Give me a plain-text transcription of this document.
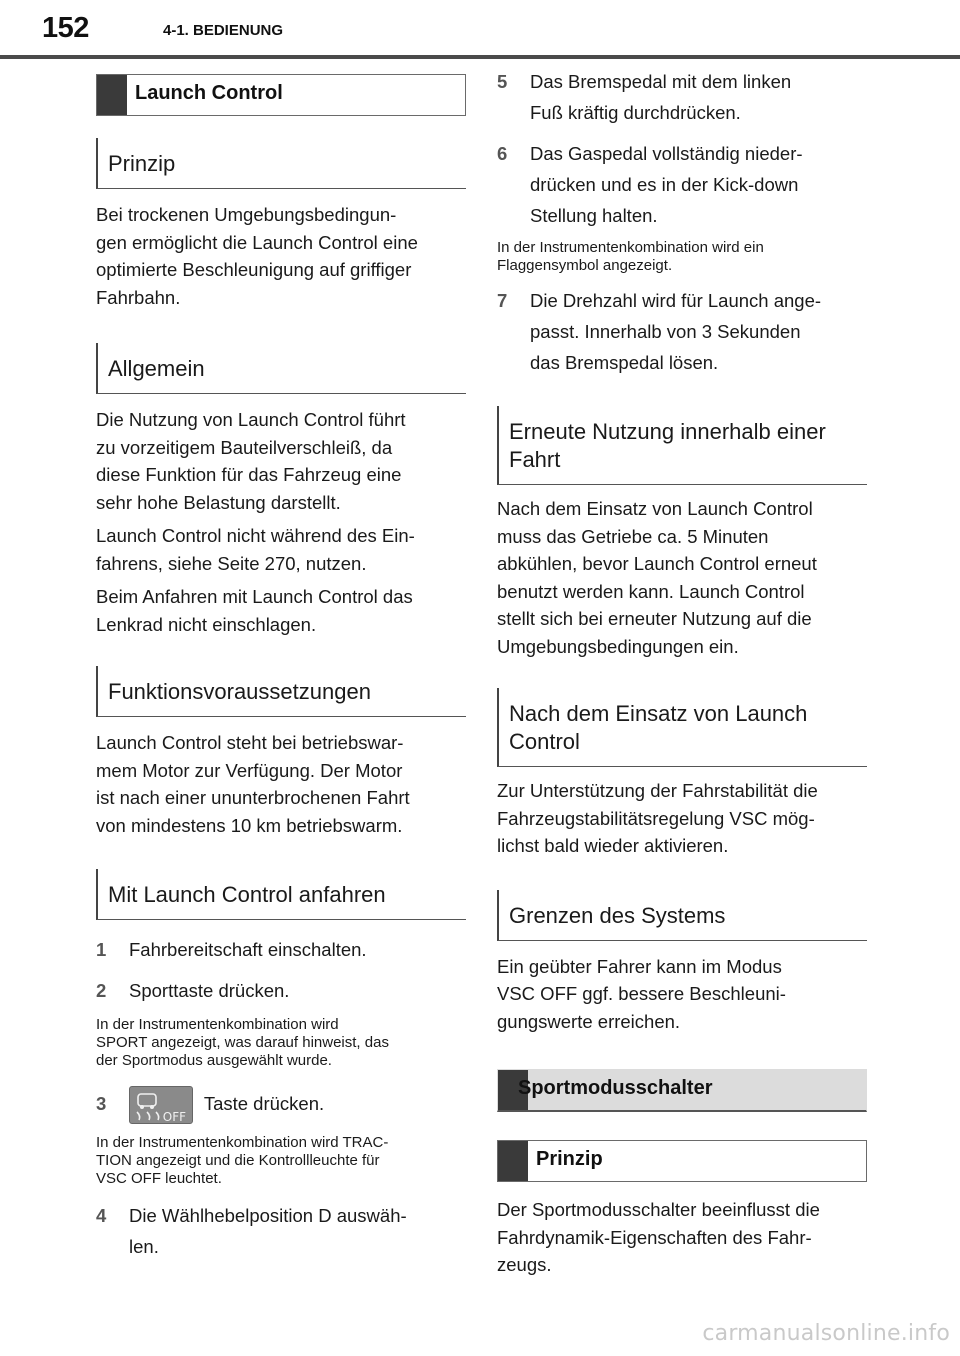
152	4-1. BEDIENUNG
Launch Control
Prinzip
Bei trockenen Umgebungsbedingun-
gen ermöglicht die Launch Control eine
optimierte Beschleunigung auf griffiger
Fahrbahn.
Allgemein
Die Nutzung von Launch Control führt
zu vorzeitigem Bauteilverschleiß, da
diese Funktion für das Fahrzeug eine
sehr hohe Belastung darstellt.
Launch Control nicht während des Ein-
fahrens, siehe Seite 270, nutzen.
Beim Anfahren mit Launch Control das
Lenkrad nicht einschlagen.
Funktionsvoraussetzungen
Launch Control steht bei betriebswar-
mem Motor zur Verfügung. Der Motor
ist nach einer ununterbrochenen Fahrt
von mindestens 10 km betriebswarm.
Mit Launch Control anfahren
1 Fahrbereitschaft einschalten.
2 Sporttaste drücken.
In der Instrumentenkombination wird
SPORT angezeigt, was darauf hinweist, das
der Sportmodus ausgewählt wurde.
3
OFF
Taste drücken.
In der Instrumentenkombination wird TRAC-
TION angezeigt und die Kontrollleuchte für
VSC OFF leuchtet.
4 Die Wählhebelposition D auswäh-
len.
5 Das Bremspedal mit dem linken
Fuß kräftig durchdrücken.
6 Das Gaspedal vollständig nieder-
drücken und es in der Kick-down
Stellung halten.
In der Instrumentenkombination wird ein
Flaggensymbol angezeigt.
7 Die Drehzahl wird für Launch ange-
passt. Innerhalb von 3 Sekunden
das Bremspedal lösen.
Erneute Nutzung innerhalb einer
Fahrt
Nach dem Einsatz von Launch Control
muss das Getriebe ca. 5 Minuten
abkühlen, bevor Launch Control erneut
benutzt werden kann. Launch Control
stellt sich bei erneuter Nutzung auf die
Umgebungsbedingungen ein.
Nach dem Einsatz von Launch
Control
Zur Unterstützung der Fahrstabilität die
Fahrzeugstabilitätsregelung VSC mög-
lichst bald wieder aktivieren.
Grenzen des Systems
Ein geübter Fahrer kann im Modus
VSC OFF ggf. bessere Beschleuni-
gungswerte erreichen.
Sportmodusschalter
Prinzip
Der Sportmodusschalter beeinflusst die
Fahrdynamik-Eigenschaften des Fahr-
zeugs.
carmanualsonline.info
